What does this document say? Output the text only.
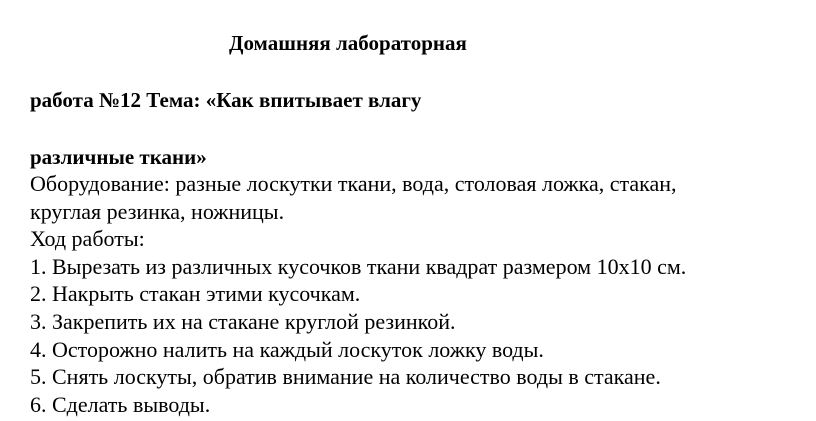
Домашняя лабораторная
работа №12 Тема: «Как впитывает влагу
различные ткани»

Оборудование: разные лоскутки ткани, вода, столовая ложка, стакан,

круглая резинка, ножницы.

Ход работы:

1. Вырезать из различных кусочков ткани квадрат размером 10х10 см.

2. Накрыть стакан этими кусочкам.

3. Закрепить их на стакане круглой резинкой.

4. Осторожно налить на каждый лоскуток ложку воды.

5. Снять лоскуты, обратив внимание на количество воды в стакане.

6. Сделать выводы.
